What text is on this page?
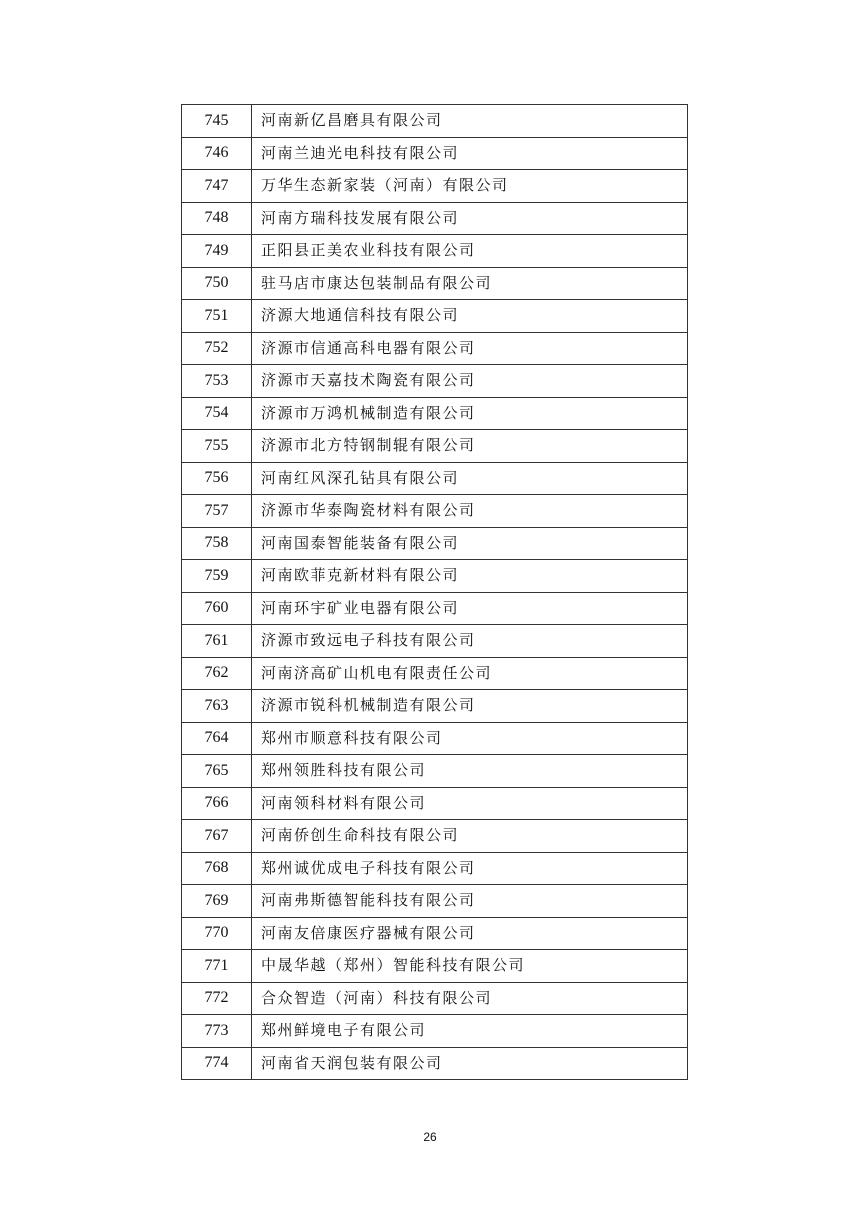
745	河南新亿昌磨具有限公司
746	河南兰迪光电科技有限公司
747	万华生态新家装（河南）有限公司
748	河南方瑞科技发展有限公司
749	正阳县正美农业科技有限公司
750	驻马店市康达包装制品有限公司
751	济源大地通信科技有限公司
752	济源市信通高科电器有限公司
753	济源市天嘉技术陶瓷有限公司
754	济源市万鸿机械制造有限公司
755	济源市北方特钢制辊有限公司
756	河南红风深孔钻具有限公司
757	济源市华泰陶瓷材料有限公司
758	河南国泰智能装备有限公司
759	河南欧菲克新材料有限公司
760	河南环宇矿业电器有限公司
761	济源市致远电子科技有限公司
762	河南济高矿山机电有限责任公司
763	济源市锐科机械制造有限公司
764	郑州市顺意科技有限公司
765	郑州领胜科技有限公司
766	河南领科材料有限公司
767	河南侨创生命科技有限公司
768	郑州诚优成电子科技有限公司
769	河南弗斯德智能科技有限公司
770	河南友倍康医疗器械有限公司
771	中晟华越（郑州）智能科技有限公司
772	合众智造（河南）科技有限公司
773	郑州鲜境电子有限公司
774	河南省天润包装有限公司
26
